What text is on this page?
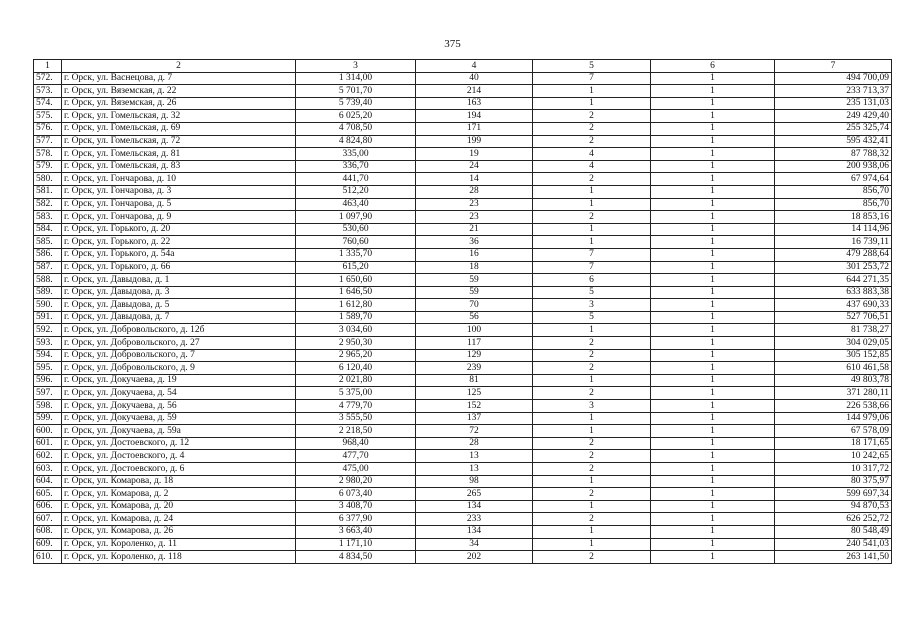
375
1	2	3	4	5	6	7
572.	г. Орск, ул. Васнецова, д. 7	1 314,00	40	7	1	494 700,09
573.	г. Орск, ул. Вяземская, д. 22	5 701,70	214	1	1	233 713,37
574.	г. Орск, ул. Вяземская, д. 26	5 739,40	163	1	1	235 131,03
575.	г. Орск, ул. Гомельская, д. 32	6 025,20	194	2	1	249 429,40
576.	г. Орск, ул. Гомельская, д. 69	4 708,50	171	2	1	255 325,74
577.	г. Орск, ул. Гомельская, д. 72	4 824,80	199	2	1	595 432,41
578.	г. Орск, ул. Гомельская, д. 81	335,00	19	4	1	87 788,32
579.	г. Орск, ул. Гомельская, д. 83	336,70	24	4	1	200 938,06
580.	г. Орск, ул. Гончарова, д. 10	441,70	14	2	1	67 974,64
581.	г. Орск, ул. Гончарова, д. 3	512,20	28	1	1	856,70
582.	г. Орск, ул. Гончарова, д. 5	463,40	23	1	1	856,70
583.	г. Орск, ул. Гончарова, д. 9	1 097,90	23	2	1	18 853,16
584.	г. Орск, ул. Горького, д. 20	530,60	21	1	1	14 114,96
585.	г. Орск, ул. Горького, д. 22	760,60	36	1	1	16 739,11
586.	г. Орск, ул. Горького, д. 54а	1 335,70	16	7	1	479 288,64
587.	г. Орск, ул. Горького, д. 66	615,20	18	7	1	301 253,72
588.	г. Орск, ул. Давыдова, д. 1	1 650,60	59	6	1	644 271,35
589.	г. Орск, ул. Давыдова, д. 3	1 646,50	59	5	1	633 883,38
590.	г. Орск, ул. Давыдова, д. 5	1 612,80	70	3	1	437 690,33
591.	г. Орск, ул. Давыдова, д. 7	1 589,70	56	5	1	527 706,51
592.	г. Орск, ул. Добровольского, д. 12б	3 034,60	100	1	1	81 738,27
593.	г. Орск, ул. Добровольского, д. 27	2 950,30	117	2	1	304 029,05
594.	г. Орск, ул. Добровольского, д. 7	2 965,20	129	2	1	305 152,85
595.	г. Орск, ул. Добровольского, д. 9	6 120,40	239	2	1	610 461,58
596.	г. Орск, ул. Докучаева, д. 19	2 021,80	81	1	1	49 803,78
597.	г. Орск, ул. Докучаева, д. 54	5 375,00	125	2	1	371 280,11
598.	г. Орск, ул. Докучаева, д. 56	4 779,70	152	3	1	226 538,66
599.	г. Орск, ул. Докучаева, д. 59	3 555,50	137	1	1	144 979,06
600.	г. Орск, ул. Докучаева, д. 59а	2 218,50	72	1	1	67 578,09
601.	г. Орск, ул. Достоевского, д. 12	968,40	28	2	1	18 171,65
602.	г. Орск, ул. Достоевского, д. 4	477,70	13	2	1	10 242,65
603.	г. Орск, ул. Достоевского, д. 6	475,00	13	2	1	10 317,72
604.	г. Орск, ул. Комарова, д. 18	2 980,20	98	1	1	80 375,97
605.	г. Орск, ул. Комарова, д. 2	6 073,40	265	2	1	599 697,34
606.	г. Орск, ул. Комарова, д. 20	3 408,70	134	1	1	94 870,53
607.	г. Орск, ул. Комарова, д. 24	6 377,90	233	2	1	626 252,72
608.	г. Орск, ул. Комарова, д. 26	3 663,40	134	1	1	80 548,49
609.	г. Орск, ул. Короленко, д. 11	1 171,10	34	1	1	240 541,03
610.	г. Орск, ул. Короленко, д. 118	4 834,50	202	2	1	263 141,50
